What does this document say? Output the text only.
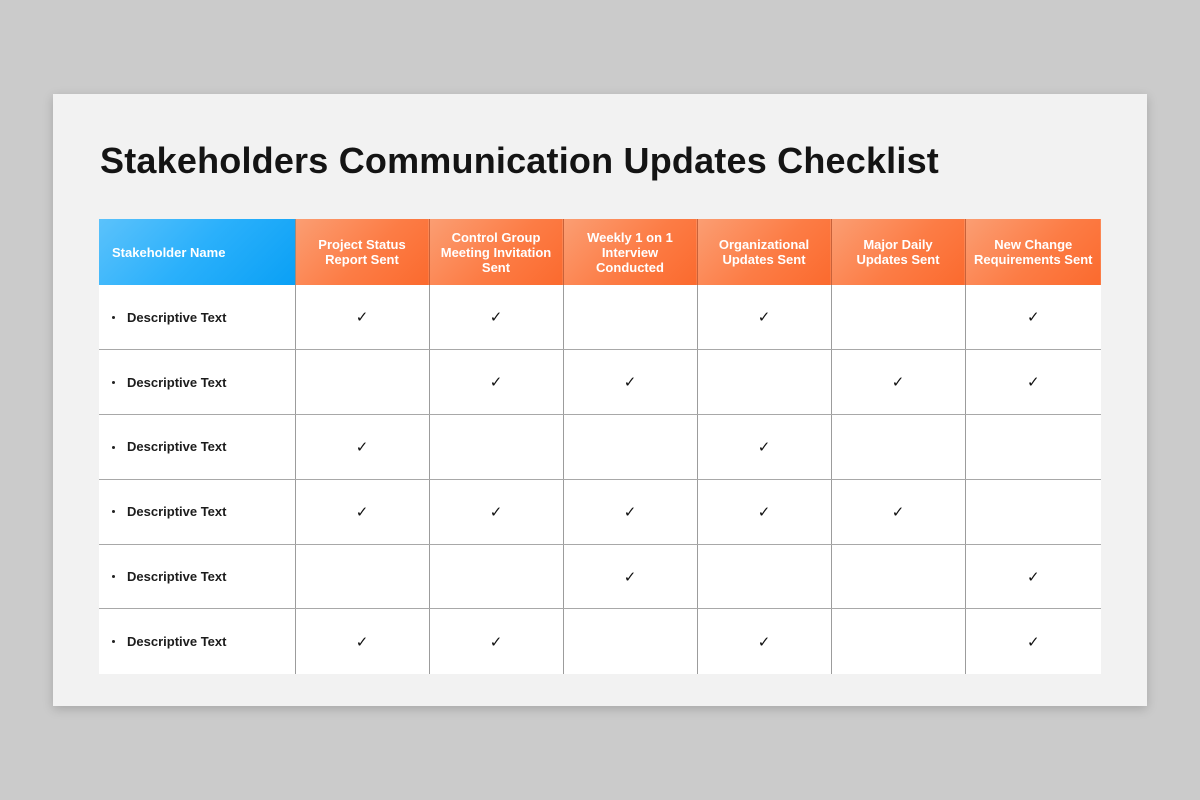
Stakeholders Communication Updates Checklist
Stakeholder Name	Project Status Report Sent	Control Group Meeting Invitation Sent	Weekly 1 on 1 Interview Conducted	Organizational Updates Sent	Major Daily Updates Sent	New Change Requirements Sent
Descriptive Text	✓	✓		✓		✓
Descriptive Text		✓	✓		✓	✓
Descriptive Text	✓			✓		
Descriptive Text	✓	✓	✓	✓	✓	
Descriptive Text			✓			✓
Descriptive Text	✓	✓		✓		✓
